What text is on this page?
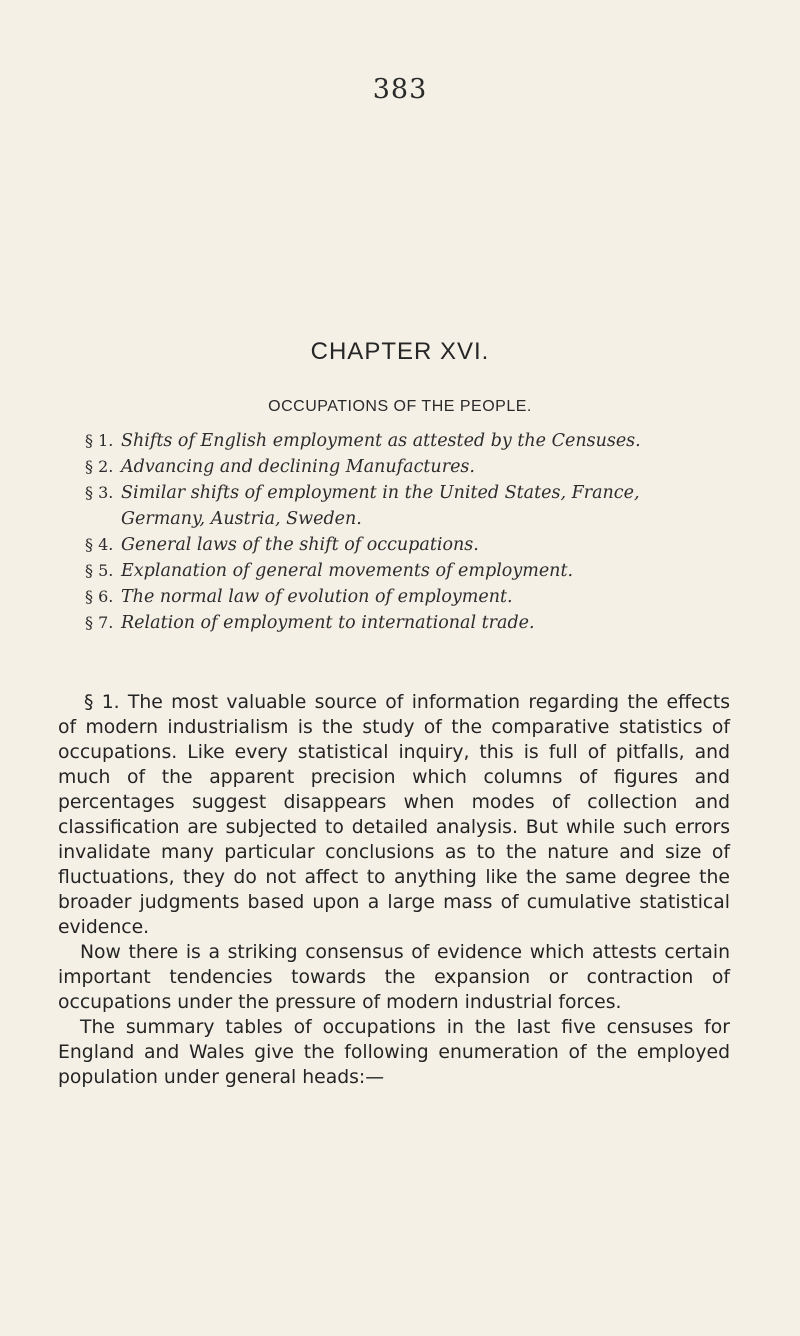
383
CHAPTER XVI.
OCCUPATIONS OF THE PEOPLE.
§ 1. Shifts of English employment as attested by the Censuses.
§ 2. Advancing and declining Manufactures.
§ 3. Similar shifts of employment in the United States, France, Germany, Austria, Sweden.
§ 4. General laws of the shift of occupations.
§ 5. Explanation of general movements of employment.
§ 6. The normal law of evolution of employment.
§ 7. Relation of employment to international trade.

§ 1. The most valuable source of information regarding the effects of modern industrialism is the study of the comparative statistics of occupations. Like every statistical inquiry, this is full of pitfalls, and much of the apparent precision which columns of figures and percentages suggest disappears when modes of collection and classification are subjected to detailed analysis. But while such errors invalidate many particular conclusions as to the nature and size of fluctuations, they do not affect to anything like the same degree the broader judgments based upon a large mass of cumulative statistical evidence.

Now there is a striking consensus of evidence which attests certain important tendencies towards the expansion or contraction of occupations under the pressure of modern industrial forces.

The summary tables of occupations in the last five censuses for England and Wales give the following enumeration of the employed population under general heads:—
